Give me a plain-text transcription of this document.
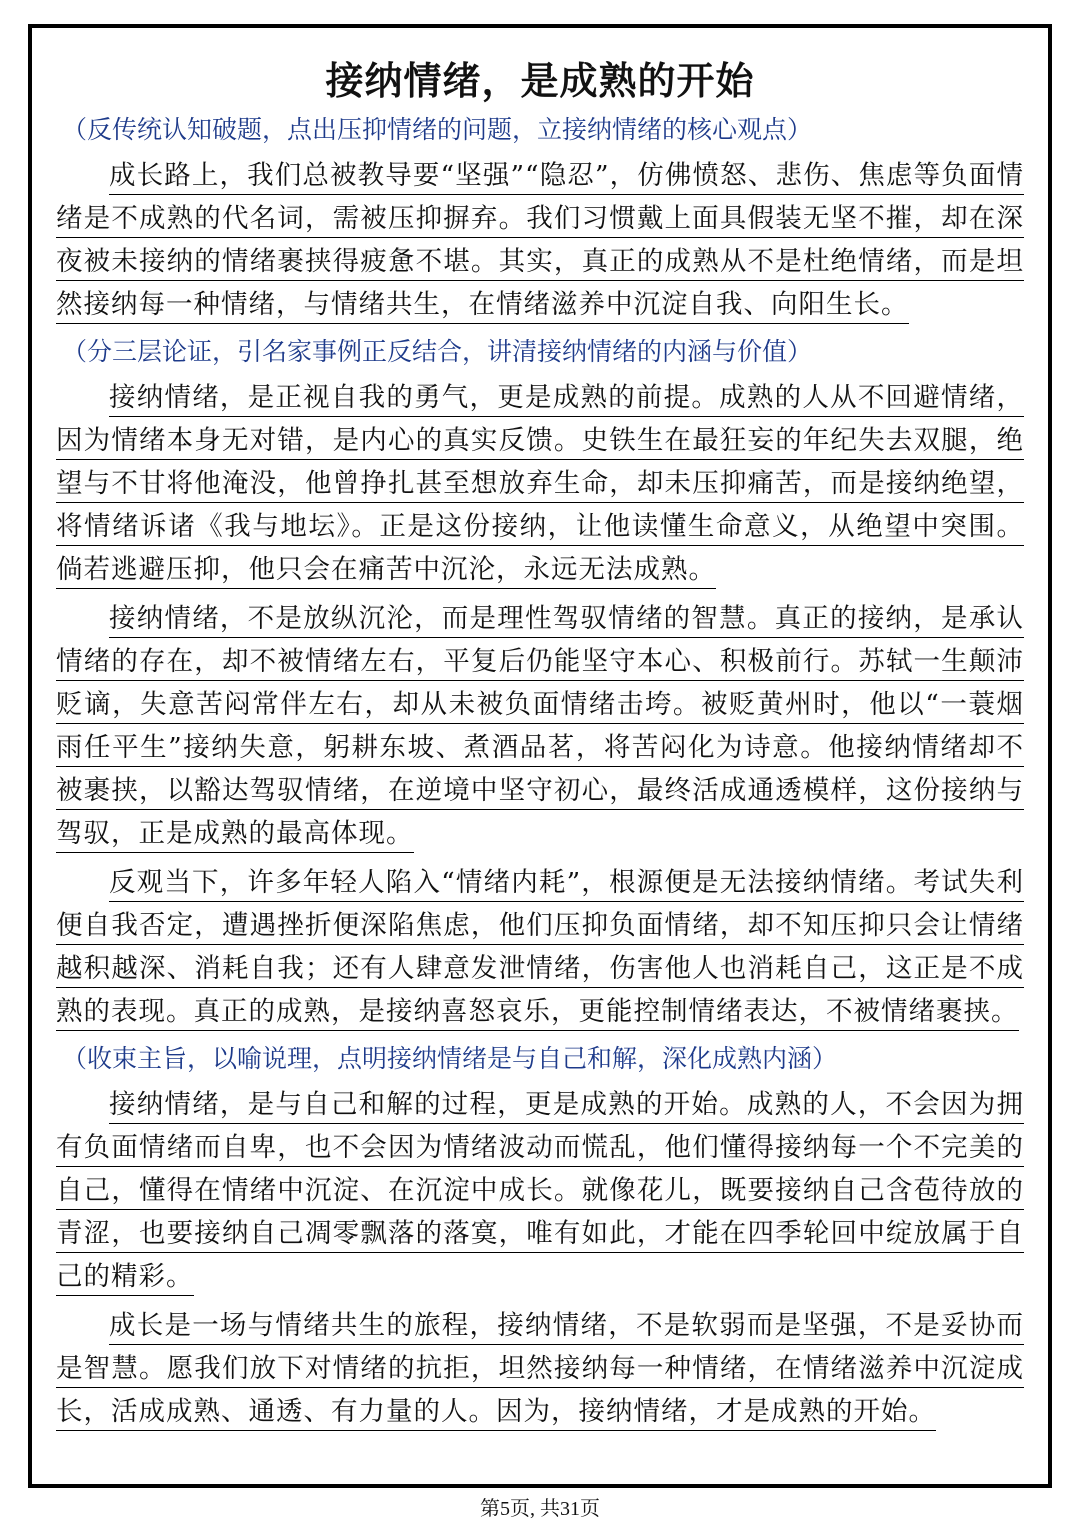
接纳情绪，是成熟的开始
（反传统认知破题，点出压抑情绪的问题，立接纳情绪的核心观点）

成长路上，我们总被教导要“坚强”“隐忍”，仿佛愤怒、悲伤、焦虑等负面情绪是不成熟的代名词，需被压抑摒弃。我们习惯戴上面具假装无坚不摧，却在深夜被未接纳的情绪裹挟得疲惫不堪。其实，真正的成熟从不是杜绝情绪，而是坦然接纳每一种情绪，与情绪共生，在情绪滋养中沉淀自我、向阳生长。

（分三层论证，引名家事例正反结合，讲清接纳情绪的内涵与价值）

接纳情绪，是正视自我的勇气，更是成熟的前提。成熟的人从不回避情绪，因为情绪本身无对错，是内心的真实反馈。史铁生在最狂妄的年纪失去双腿，绝望与不甘将他淹没，他曾挣扎甚至想放弃生命，却未压抑痛苦，而是接纳绝望，将情绪诉诸《我与地坛》。正是这份接纳，让他读懂生命意义，从绝望中突围。倘若逃避压抑，他只会在痛苦中沉沦，永远无法成熟。

接纳情绪，不是放纵沉沦，而是理性驾驭情绪的智慧。真正的接纳，是承认情绪的存在，却不被情绪左右，平复后仍能坚守本心、积极前行。苏轼一生颠沛贬谪，失意苦闷常伴左右，却从未被负面情绪击垮。被贬黄州时，他以“一蓑烟雨任平生”接纳失意，躬耕东坡、煮酒品茗，将苦闷化为诗意。他接纳情绪却不被裹挟，以豁达驾驭情绪，在逆境中坚守初心，最终活成通透模样，这份接纳与驾驭，正是成熟的最高体现。

反观当下，许多年轻人陷入“情绪内耗”，根源便是无法接纳情绪。考试失利便自我否定，遭遇挫折便深陷焦虑，他们压抑负面情绪，却不知压抑只会让情绪越积越深、消耗自我；还有人肆意发泄情绪，伤害他人也消耗自己，这正是不成熟的表现。真正的成熟，是接纳喜怒哀乐，更能控制情绪表达，不被情绪裹挟。

（收束主旨，以喻说理，点明接纳情绪是与自己和解，深化成熟内涵）

接纳情绪，是与自己和解的过程，更是成熟的开始。成熟的人，不会因为拥有负面情绪而自卑，也不会因为情绪波动而慌乱，他们懂得接纳每一个不完美的自己，懂得在情绪中沉淀、在沉淀中成长。就像花儿，既要接纳自己含苞待放的青涩，也要接纳自己凋零飘落的落寞，唯有如此，才能在四季轮回中绽放属于自己的精彩。

成长是一场与情绪共生的旅程，接纳情绪，不是软弱而是坚强，不是妥协而是智慧。愿我们放下对情绪的抗拒，坦然接纳每一种情绪，在情绪滋养中沉淀成长，活成成熟、通透、有力量的人。因为，接纳情绪，才是成熟的开始。

第5页, 共31页
